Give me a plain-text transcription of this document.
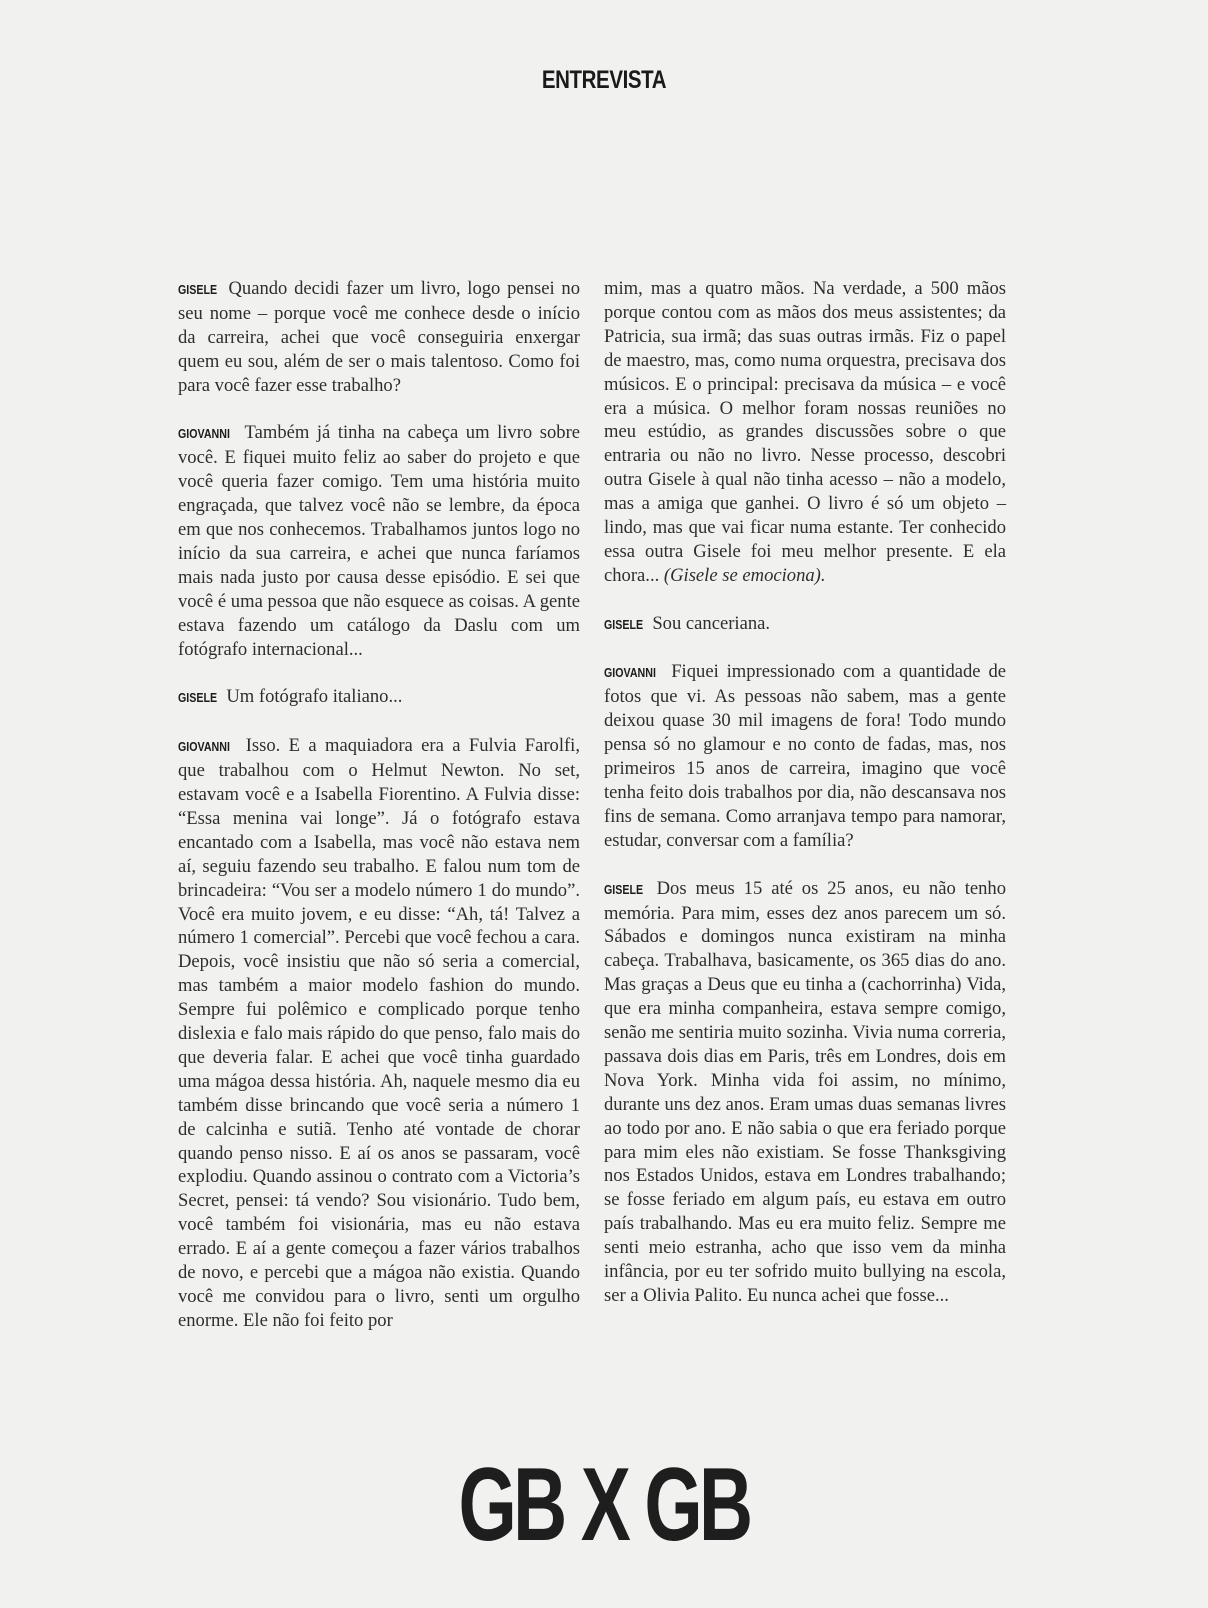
ENTREVISTA

GISELE Quando decidi fazer um livro, logo pensei no seu nome – porque você me conhece desde o início da carreira, achei que você conseguiria enxergar quem eu sou, além de ser o mais talentoso. Como foi para você fazer esse trabalho?

GIOVANNI Também já tinha na cabeça um livro sobre você. E fiquei muito feliz ao saber do projeto e que você queria fazer comigo. Tem uma história muito engraçada, que talvez você não se lembre, da época em que nos conhecemos. Trabalhamos juntos logo no início da sua carreira, e achei que nunca faríamos mais nada justo por causa desse episódio. E sei que você é uma pessoa que não esquece as coisas. A gente estava fazendo um catálogo da Daslu com um fotógrafo internacional...

GISELE Um fotógrafo italiano...

GIOVANNI Isso. E a maquiadora era a Fulvia Farolfi, que trabalhou com o Helmut Newton. No set, estavam você e a Isabella Fiorentino. A Fulvia disse: “Essa menina vai longe”. Já o fotógrafo estava encantado com a Isabella, mas você não estava nem aí, seguiu fazendo seu trabalho. E falou num tom de brincadeira: “Vou ser a modelo número 1 do mundo”. Você era muito jovem, e eu disse: “Ah, tá! Talvez a número 1 comercial”. Percebi que você fechou a cara. Depois, você insistiu que não só seria a comercial, mas também a maior modelo fashion do mundo. Sempre fui polêmico e complicado porque tenho dislexia e falo mais rápido do que penso, falo mais do que deveria falar. E achei que você tinha guardado uma mágoa dessa história. Ah, naquele mesmo dia eu também disse brincando que você seria a número 1 de calcinha e sutiã. Tenho até vontade de chorar quando penso nisso. E aí os anos se passaram, você explodiu. Quando assinou o contrato com a Victoria’s Secret, pensei: tá vendo? Sou visionário. Tudo bem, você também foi visionária, mas eu não estava errado. E aí a gente começou a fazer vários trabalhos de novo, e percebi que a mágoa não existia. Quando você me convidou para o livro, senti um orgulho enorme. Ele não foi feito por

mim, mas a quatro mãos. Na verdade, a 500 mãos porque contou com as mãos dos meus assistentes; da Patricia, sua irmã; das suas outras irmãs. Fiz o papel de maestro, mas, como numa orquestra, precisava dos músicos. E o principal: precisava da música – e você era a música. O melhor foram nossas reuniões no meu estúdio, as grandes discussões sobre o que entraria ou não no livro. Nesse processo, descobri outra Gisele à qual não tinha acesso – não a modelo, mas a amiga que ganhei. O livro é só um objeto – lindo, mas que vai ficar numa estante. Ter conhecido essa outra Gisele foi meu melhor presente. E ela chora... (Gisele se emociona).

GISELE Sou canceriana.

GIOVANNI Fiquei impressionado com a quantidade de fotos que vi. As pessoas não sabem, mas a gente deixou quase 30 mil imagens de fora! Todo mundo pensa só no glamour e no conto de fadas, mas, nos primeiros 15 anos de carreira, imagino que você tenha feito dois trabalhos por dia, não descansava nos fins de semana. Como arranjava tempo para namorar, estudar, conversar com a família?

GISELE Dos meus 15 até os 25 anos, eu não tenho memória. Para mim, esses dez anos parecem um só. Sábados e domingos nunca existiram na minha cabeça. Trabalhava, basicamente, os 365 dias do ano. Mas graças a Deus que eu tinha a (cachorrinha) Vida, que era minha companheira, estava sempre comigo, senão me sentiria muito sozinha. Vivia numa correria, passava dois dias em Paris, três em Londres, dois em Nova York. Minha vida foi assim, no mínimo, durante uns dez anos. Eram umas duas semanas livres ao todo por ano. E não sabia o que era feriado porque para mim eles não existiam. Se fosse Thanksgiving nos Estados Unidos, estava em Londres trabalhando; se fosse feriado em algum país, eu estava em outro país trabalhando. Mas eu era muito feliz. Sempre me senti meio estranha, acho que isso vem da minha infância, por eu ter sofrido muito bullying na escola, ser a Olivia Palito. Eu nunca achei que fosse...

GB X GB
